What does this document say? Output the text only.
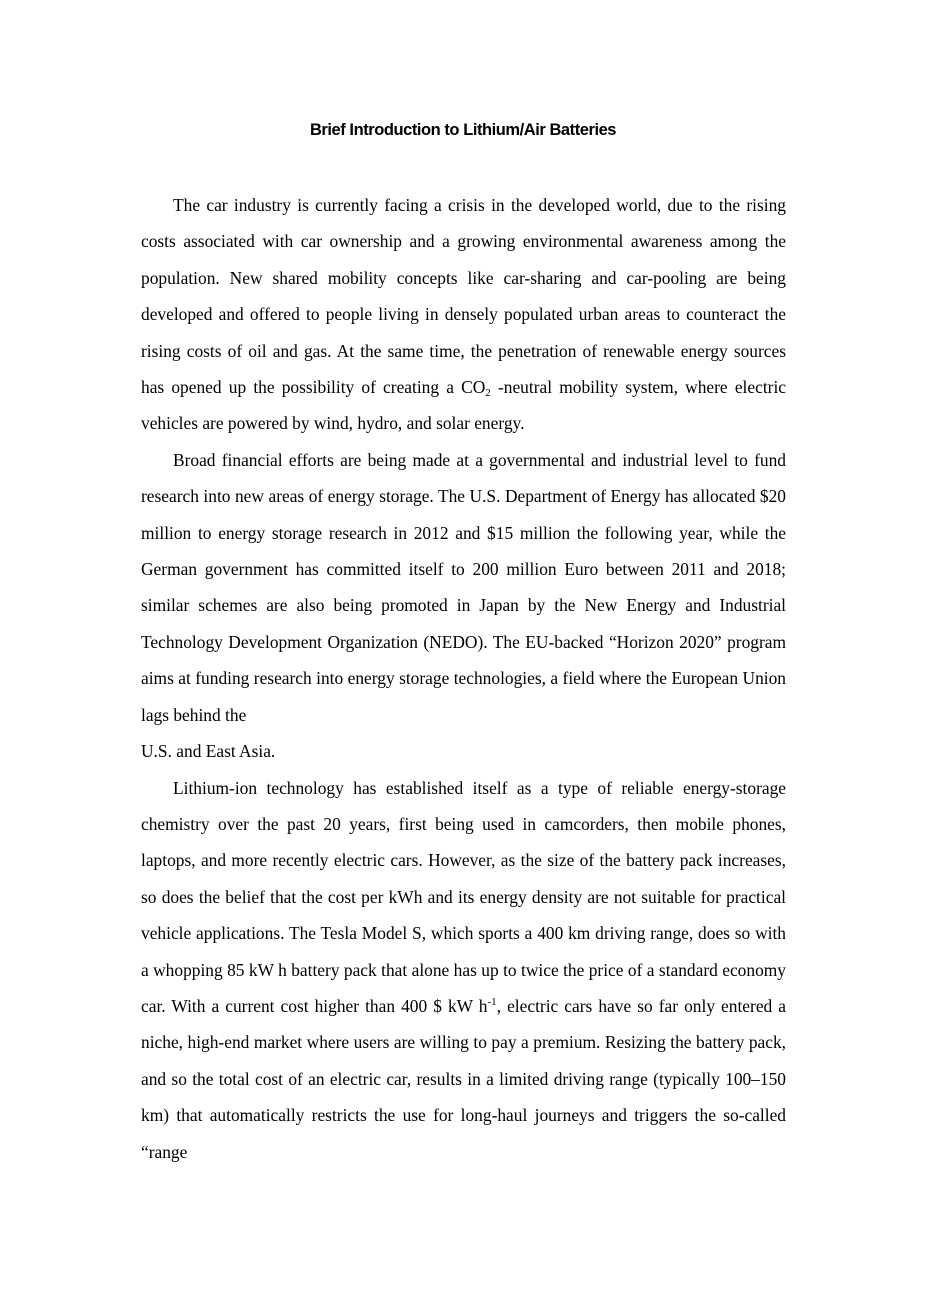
Brief Introduction to Lithium/Air Batteries

The car industry is currently facing a crisis in the developed world, due to the rising costs associated with car ownership and a growing environmental awareness among the population. New shared mobility concepts like car-sharing and car-pooling are being developed and offered to people living in densely populated urban areas to counteract the rising costs of oil and gas. At the same time, the penetration of renewable energy sources has opened up the possibility of creating a $CO_2$ -neutral mobility system, where electric vehicles are powered by wind, hydro, and solar energy.

Broad financial efforts are being made at a governmental and industrial level to fund research into new areas of energy storage. The U.S. Department of Energy has allocated $20 million to energy storage research in 2012 and $15 million the following year, while the German government has committed itself to 200 million Euro between 2011 and 2018; similar schemes are also being promoted in Japan by the New Energy and Industrial Technology Development Organization (NEDO). The EU-backed “Horizon 2020” program aims at funding research into energy storage technologies, a field where the European Union lags behind the
U.S. and East Asia.

Lithium-ion technology has established itself as a type of reliable energy-storage chemistry over the past 20 years, first being used in camcorders, then mobile phones, laptops, and more recently electric cars. However, as the size of the battery pack increases, so does the belief that the cost per kWh and its energy density are not suitable for practical vehicle applications. The Tesla Model S, which sports a 400 km driving range, does so with a whopping 85 kW h battery pack that alone has up to twice the price of a standard economy car. With a current cost higher than 400 $ kW $h^{-1}$, electric cars have so far only entered a niche, high-end market where users are willing to pay a premium. Resizing the battery pack, and so the total cost of an electric car, results in a limited driving range (typically 100–150 km) that automatically restricts the use for long-haul journeys and triggers the so-called “range
